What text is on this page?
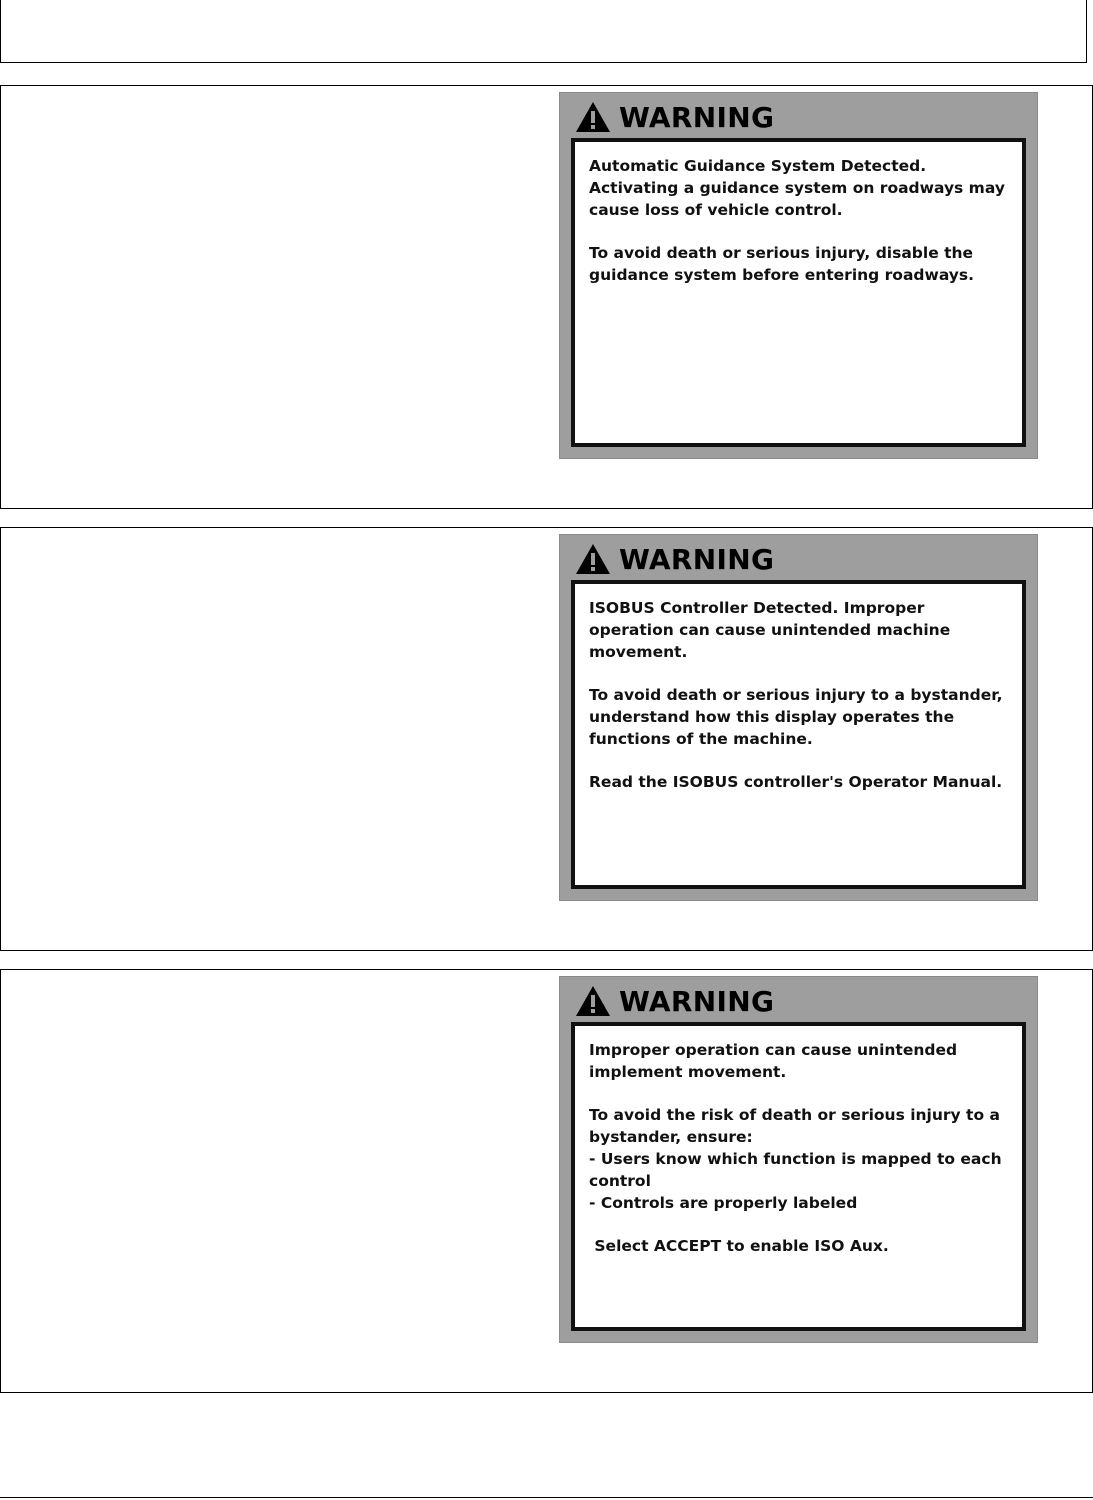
WARNING
Automatic Guidance System Detected.
Activating a guidance system on roadways may
cause loss of vehicle control.
To avoid death or serious injury, disable the
guidance system before entering roadways.
WARNING
ISOBUS Controller Detected. Improper
operation can cause unintended machine
movement.
To avoid death or serious injury to a bystander,
understand how this display operates the
functions of the machine.
Read the ISOBUS controller's Operator Manual.
WARNING
Improper operation can cause unintended
implement movement.
To avoid the risk of death or serious injury to a
bystander, ensure:
- Users know which function is mapped to each
control
- Controls are properly labeled
Select ACCEPT to enable ISO Aux.
